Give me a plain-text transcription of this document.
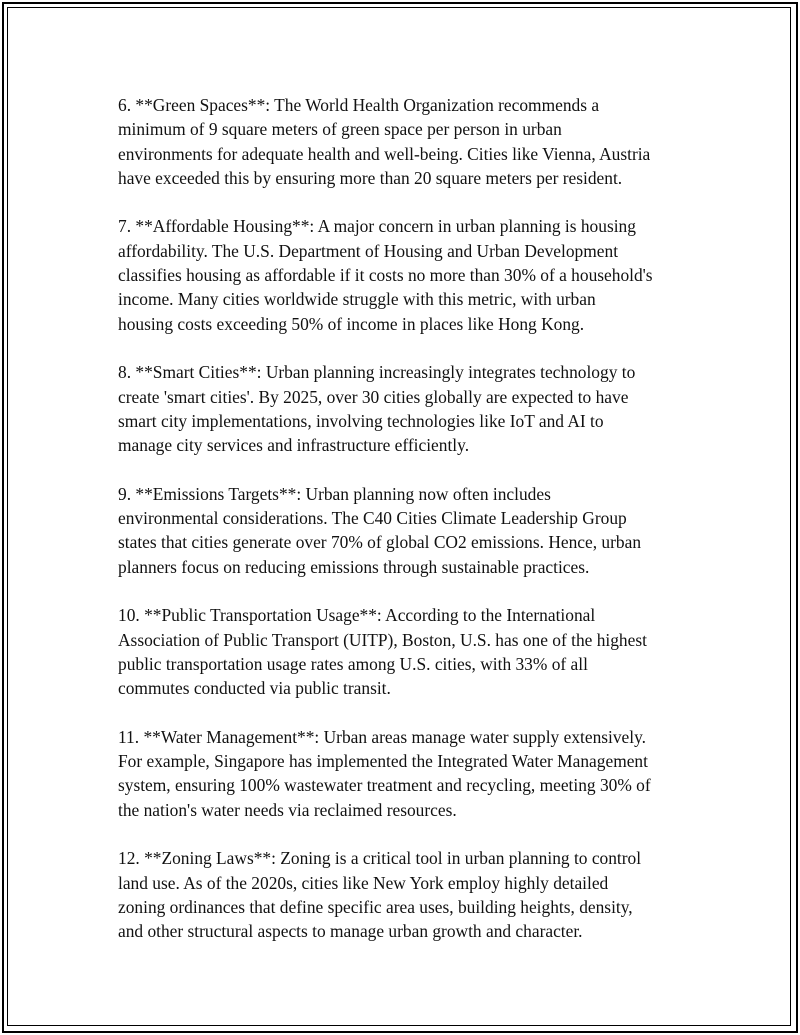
6. **Green Spaces**: The World Health Organization recommends a
minimum of 9 square meters of green space per person in urban
environments for adequate health and well-being. Cities like Vienna, Austria
have exceeded this by ensuring more than 20 square meters per resident.

7. **Affordable Housing**: A major concern in urban planning is housing
affordability. The U.S. Department of Housing and Urban Development
classifies housing as affordable if it costs no more than 30% of a household's
income. Many cities worldwide struggle with this metric, with urban
housing costs exceeding 50% of income in places like Hong Kong.

8. **Smart Cities**: Urban planning increasingly integrates technology to
create 'smart cities'. By 2025, over 30 cities globally are expected to have
smart city implementations, involving technologies like IoT and AI to
manage city services and infrastructure efficiently.

9. **Emissions Targets**: Urban planning now often includes
environmental considerations. The C40 Cities Climate Leadership Group
states that cities generate over 70% of global CO2 emissions. Hence, urban
planners focus on reducing emissions through sustainable practices.

10. **Public Transportation Usage**: According to the International
Association of Public Transport (UITP), Boston, U.S. has one of the highest
public transportation usage rates among U.S. cities, with 33% of all
commutes conducted via public transit.

11. **Water Management**: Urban areas manage water supply extensively.
For example, Singapore has implemented the Integrated Water Management
system, ensuring 100% wastewater treatment and recycling, meeting 30% of
the nation's water needs via reclaimed resources.

12. **Zoning Laws**: Zoning is a critical tool in urban planning to control
land use. As of the 2020s, cities like New York employ highly detailed
zoning ordinances that define specific area uses, building heights, density,
and other structural aspects to manage urban growth and character.
